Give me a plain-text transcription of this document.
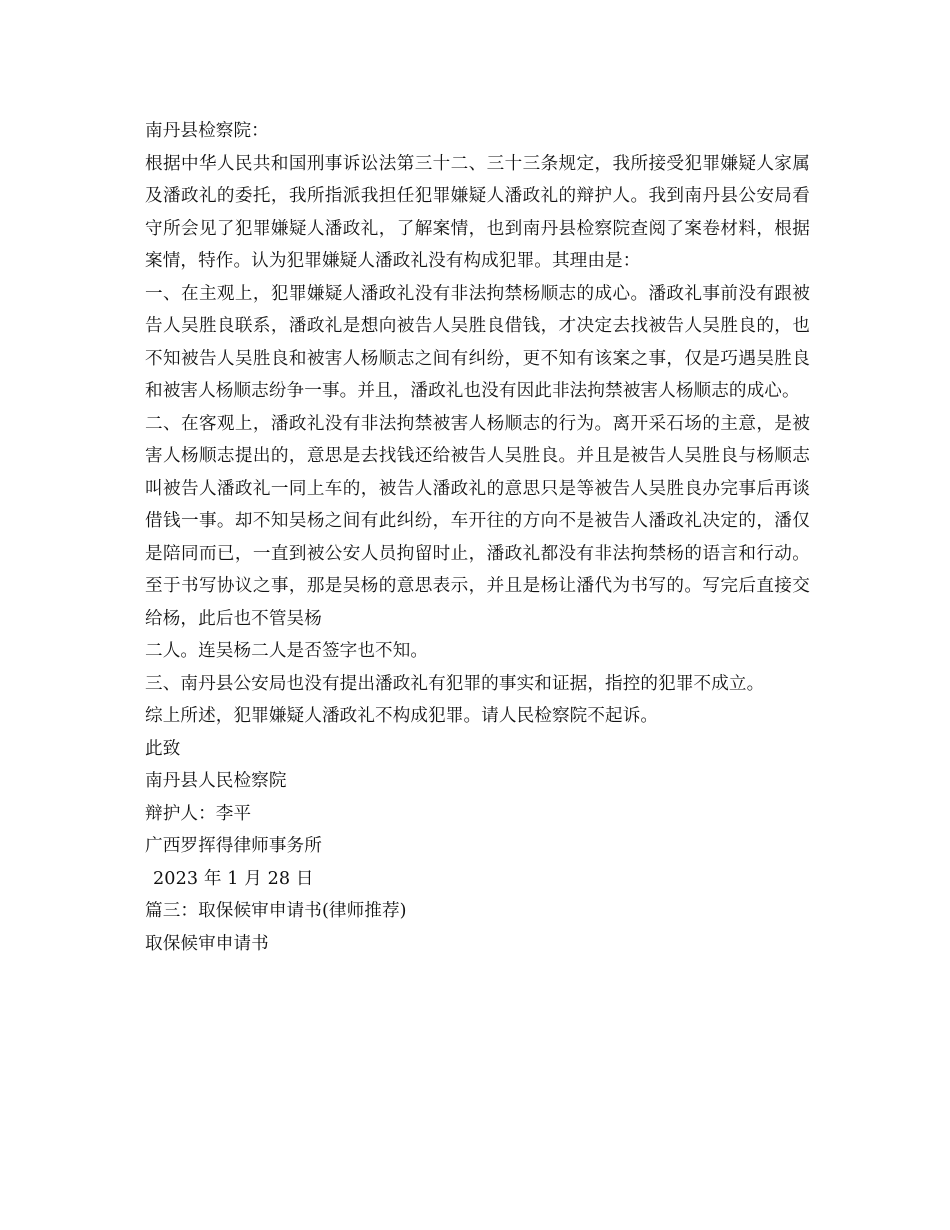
南丹县检察院：

根据中华人民共和国刑事诉讼法第三十二、三十三条规定，我所接受犯罪嫌疑人家属及潘政礼的委托，我所指派我担任犯罪嫌疑人潘政礼的辩护人。我到南丹县公安局看守所会见了犯罪嫌疑人潘政礼，了解案情，也到南丹县检察院查阅了案卷材料，根据案情，特作。认为犯罪嫌疑人潘政礼没有构成犯罪。其理由是：

一、在主观上，犯罪嫌疑人潘政礼没有非法拘禁杨顺志的成心。潘政礼事前没有跟被告人吴胜良联系，潘政礼是想向被告人吴胜良借钱，才决定去找被告人吴胜良的，也不知被告人吴胜良和被害人杨顺志之间有纠纷，更不知有该案之事，仅是巧遇吴胜良和被害人杨顺志纷争一事。并且，潘政礼也没有因此非法拘禁被害人杨顺志的成心。

二、在客观上，潘政礼没有非法拘禁被害人杨顺志的行为。离开采石场的主意，是被害人杨顺志提出的，意思是去找钱还给被告人吴胜良。并且是被告人吴胜良与杨顺志叫被告人潘政礼一同上车的，被告人潘政礼的意思只是等被告人吴胜良办完事后再谈借钱一事。却不知吴杨之间有此纠纷，车开往的方向不是被告人潘政礼决定的，潘仅是陪同而已，一直到被公安人员拘留时止，潘政礼都没有非法拘禁杨的语言和行动。至于书写协议之事，那是吴杨的意思表示，并且是杨让潘代为书写的。写完后直接交给杨，此后也不管吴杨

二人。连吴杨二人是否签字也不知。

三、南丹县公安局也没有提出潘政礼有犯罪的事实和证据，指控的犯罪不成立。

综上所述，犯罪嫌疑人潘政礼不构成犯罪。请人民检察院不起诉。

此致

南丹县人民检察院

辩护人：李平

广西罗挥得律师事务所

2023 年 1 月 28 日

篇三：取保候审申请书(律师推荐)

取保候审申请书
